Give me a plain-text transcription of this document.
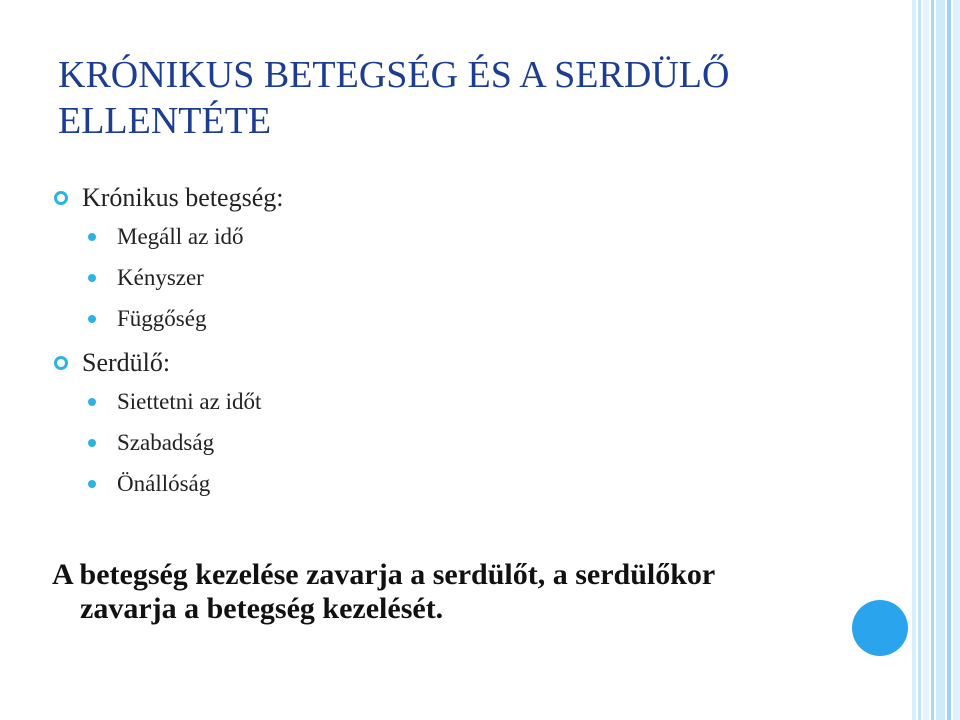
KRÓNIKUS BETEGSÉG ÉS A SERDÜLŐ
ELLENTÉTE
Krónikus betegség:
Megáll az idő
Kényszer
Függőség
Serdülő:
Siettetni az időt
Szabadság
Önállóság
A betegség kezelése zavarja a serdülőt, a serdülőkor
zavarja a betegség kezelését.
